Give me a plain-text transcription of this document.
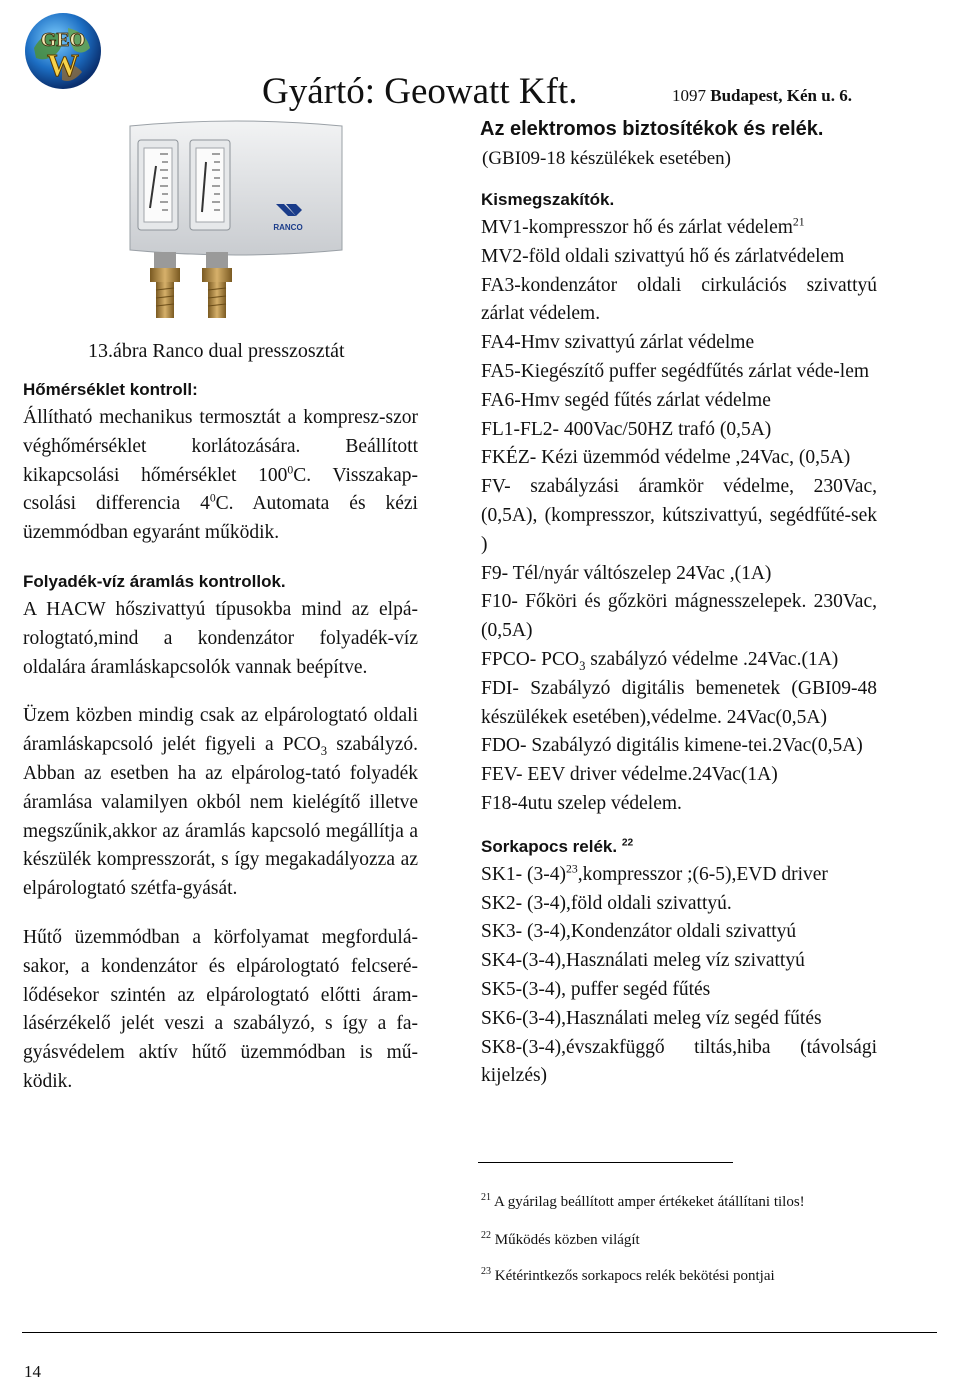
GEO
W
Gyártó: Geowatt Kft.	1097 Budapest, Kén u. 6.
Az elektromos biztosítékok és relék.
(GBI09-18 készülékek esetében)
RANCO
13.ábra Ranco dual presszosztát

Hőmérséklet kontroll:

Állítható mechanikus termosztát a kompresz-szor véghőmérséklet korlátozására. Beállított kikapcsolási hőmérséklet $100^0C$. Visszakap-csolási differencia $4^0C$. Automata és kézi üzemmódban egyaránt működik.

Folyadék-víz áramlás kontrollok.

A HACW hőszivattyú típusokba mind az elpá-rologtató,mind a kondenzátor folyadék-víz oldalára áramláskapcsolók vannak beépítve.

Üzem közben mindig csak az elpárologtató oldali áramláskapcsoló jelét figyeli a $PCO_3$ szabályzó. Abban az esetben ha az elpárolog-tató folyadék áramlása valamilyen okból nem kielégítő illetve megszűnik,akkor az áramlás kapcsoló megállítja a készülék kompresszorát, s így megakadályozza az elpárologtató szétfa-gyását.

Hűtő üzemmódban a körfolyamat megfordulá-sakor, a kondenzátor és elpárologtató felcseré-lődésekor szintén az elpárologtató előtti áram-lásérzékelő jelét veszi a szabályzó, s így a fa-gyásvédelem aktív hűtő üzemmódban is mű-ködik.

Kismegszakítók.

MV1-kompresszor hő és zárlat védelem$^{21}$

MV2-föld oldali szivattyú hő és zárlatvédelem

FA3-kondenzátor oldali cirkulációs szivattyú zárlat védelem.

FA4-Hmv szivattyú zárlat védelme

FA5-Kiegészítő puffer segédfűtés zárlat véde-lem

FA6-Hmv segéd fűtés zárlat védelme

FL1-FL2- 400Vac/50HZ trafó (0,5A)

FKÉZ- Kézi üzemmód védelme ,24Vac, (0,5A)

FV- szabályzási áramkör védelme, 230Vac, (0,5A), (kompresszor, kútszivattyú, segédfűté-sek )

F9- Tél/nyár váltószelep 24Vac ,(1A)

F10- Főköri és gőzköri mágnesszelepek. 230Vac,(0,5A)

FPCO- $PCO_3$ szabályzó védelme .24Vac.(1A)

FDI- Szabályzó digitális bemenetek (GBI09-48 készülékek esetében),védelme. 24Vac(0,5A)

FDO- Szabályzó digitális kimene-tei.2Vac(0,5A)

FEV- EEV driver védelme.24Vac(1A)

F18-4utu szelep védelem.

Sorkapocs relék. $^{22}$

SK1- $(3-4)^{23},kompresszor$ ;(6-5),EVD driver

SK2- (3-4),föld oldali szivattyú.

SK3- (3-4),Kondenzátor oldali szivattyú

SK4-(3-4),Használati meleg víz szivattyú

SK5-(3-4), puffer segéd fűtés

SK6-(3-4),Használati meleg víz segéd fűtés

SK8-(3-4),évszakfüggő tiltás,hiba (távolsági kijelzés)

$^{21}$ A gyárilag beállított amper értékeket átállítani tilos!
$^{22}$ Működés közben világít
$^{23}$ Kétérintkezős sorkapocs relék bekötési pontjai
14
